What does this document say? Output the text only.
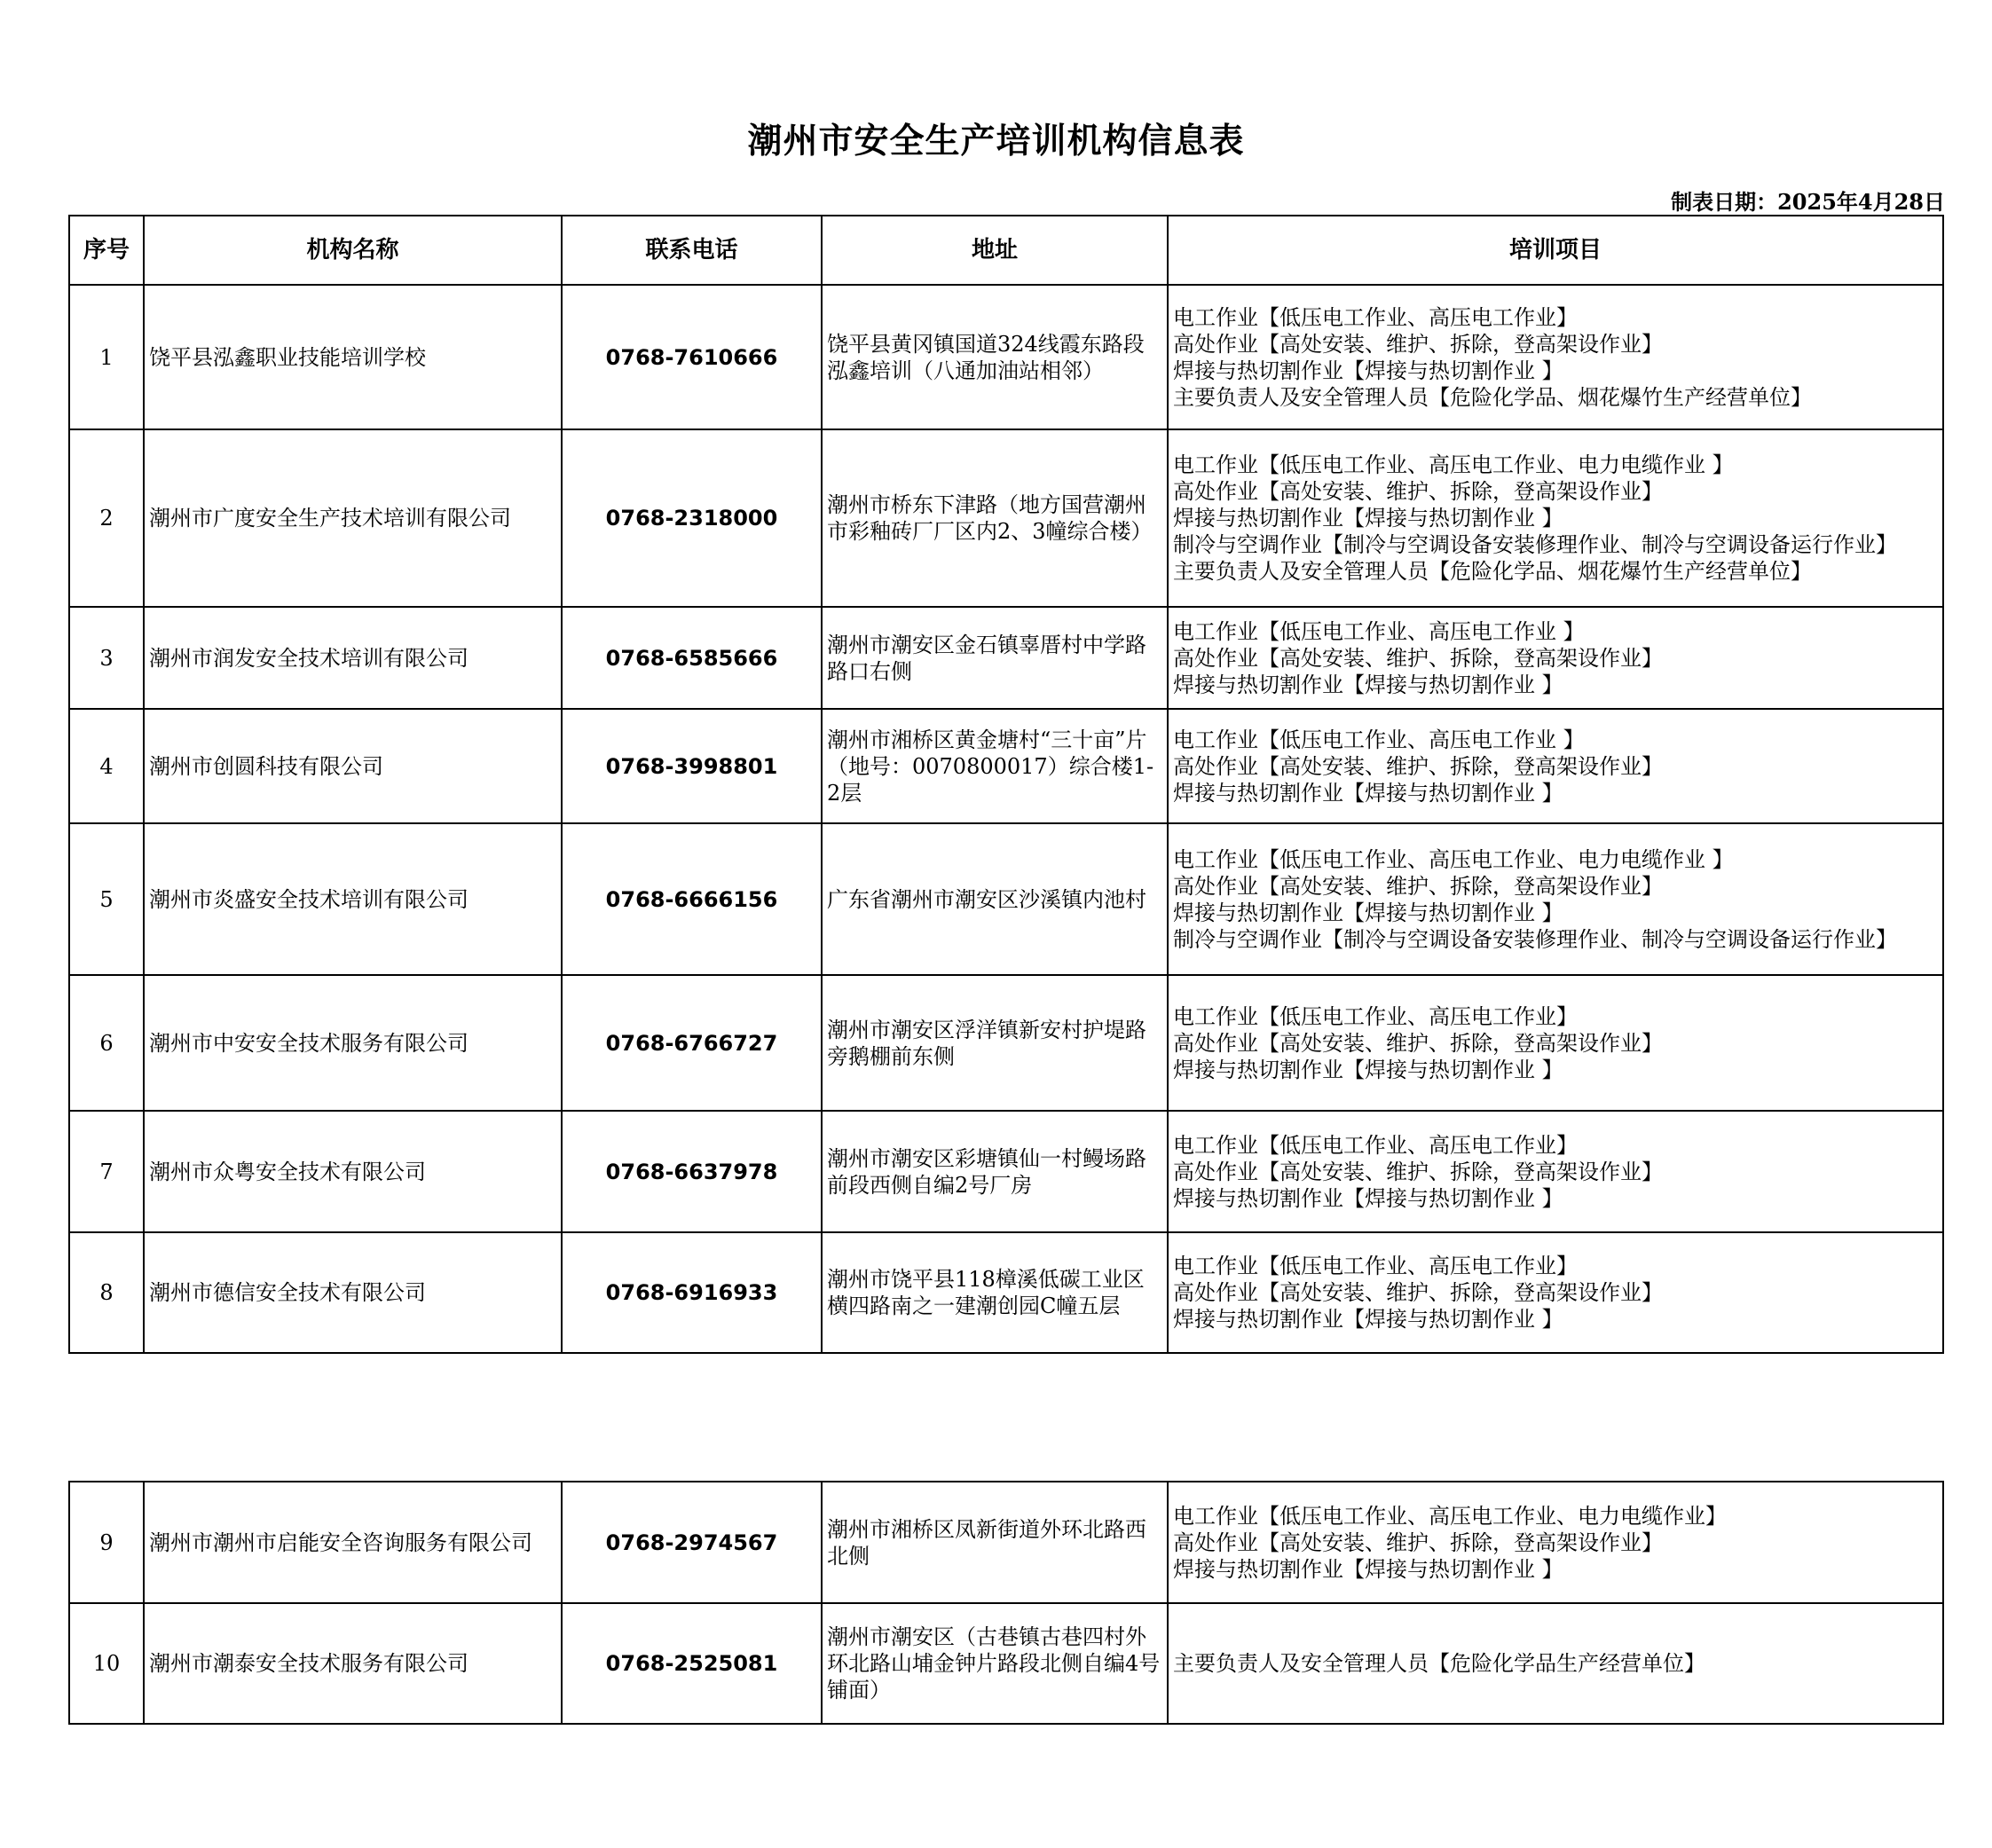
潮州市安全生产培训机构信息表
制表日期：2025年4月28日
序号	机构名称	联系电话	地址	培训项目
1	饶平县泓鑫职业技能培训学校	0768-7610666	饶平县黄冈镇国道324线霞东路段泓鑫培训（八通加油站相邻）	电工作业【低压电工作业、高压电工作业】
高处作业【高处安装、维护、拆除，登高架设作业】
焊接与热切割作业【焊接与热切割作业 】
主要负责人及安全管理人员【危险化学品、烟花爆竹生产经营单位】

2	潮州市广度安全生产技术培训有限公司	0768-2318000	潮州市桥东下津路（地方国营潮州市彩釉砖厂厂区内2、3幢综合楼）	电工作业【低压电工作业、高压电工作业、电力电缆作业 】
高处作业【高处安装、维护、拆除，登高架设作业】
焊接与热切割作业【焊接与热切割作业 】
制冷与空调作业【制冷与空调设备安装修理作业、制冷与空调设备运行作业】
主要负责人及安全管理人员【危险化学品、烟花爆竹生产经营单位】

3	潮州市润发安全技术培训有限公司	0768-6585666	潮州市潮安区金石镇辜厝村中学路路口右侧	电工作业【低压电工作业、高压电工作业 】
高处作业【高处安装、维护、拆除，登高架设作业】
焊接与热切割作业【焊接与热切割作业 】

4	潮州市创圆科技有限公司	0768-3998801	潮州市湘桥区黄金塘村“三十亩”片（地号：0070800017）综合楼1-2层	电工作业【低压电工作业、高压电工作业 】
高处作业【高处安装、维护、拆除，登高架设作业】
焊接与热切割作业【焊接与热切割作业 】

5	潮州市炎盛安全技术培训有限公司	0768-6666156	广东省潮州市潮安区沙溪镇内池村	电工作业【低压电工作业、高压电工作业、电力电缆作业 】
高处作业【高处安装、维护、拆除，登高架设作业】
焊接与热切割作业【焊接与热切割作业 】
制冷与空调作业【制冷与空调设备安装修理作业、制冷与空调设备运行作业】

6	潮州市中安安全技术服务有限公司	0768-6766727	潮州市潮安区浮洋镇新安村护堤路旁鹅棚前东侧	电工作业【低压电工作业、高压电工作业】
高处作业【高处安装、维护、拆除，登高架设作业】
焊接与热切割作业【焊接与热切割作业 】

7	潮州市众粤安全技术有限公司	0768-6637978	潮州市潮安区彩塘镇仙一村鳗场路前段西侧自编2号厂房	电工作业【低压电工作业、高压电工作业】
高处作业【高处安装、维护、拆除，登高架设作业】
焊接与热切割作业【焊接与热切割作业 】

8	潮州市德信安全技术有限公司	0768-6916933	潮州市饶平县118樟溪低碳工业区横四路南之一建潮创园C幢五层	电工作业【低压电工作业、高压电工作业】
高处作业【高处安装、维护、拆除，登高架设作业】
焊接与热切割作业【焊接与热切割作业 】
9	潮州市潮州市启能安全咨询服务有限公司	0768-2974567	潮州市湘桥区凤新街道外环北路西北侧	电工作业【低压电工作业、高压电工作业、电力电缆作业】
高处作业【高处安装、维护、拆除，登高架设作业】
焊接与热切割作业【焊接与热切割作业 】

10	潮州市潮泰安全技术服务有限公司	0768-2525081	潮州市潮安区（古巷镇古巷四村外环北路山埔金钟片路段北侧自编4号铺面）	主要负责人及安全管理人员【危险化学品生产经营单位】
